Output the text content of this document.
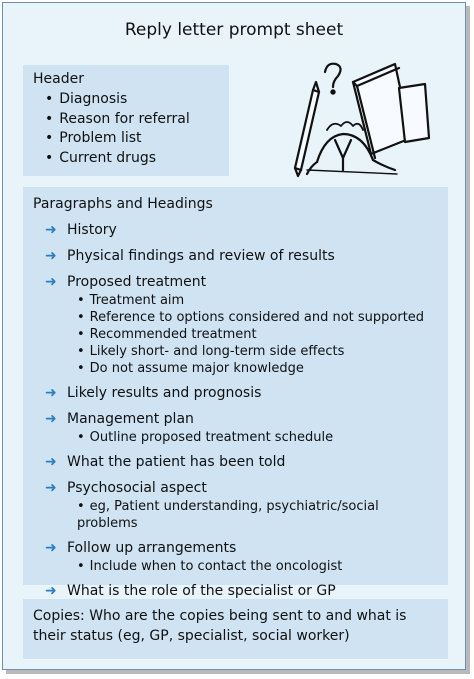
Reply letter prompt sheet
Header
• Diagnosis
• Reason for referral
• Problem list
• Current drugs
Paragraphs and Headings
➜ History
➜ Physical findings and review of results
➜ Proposed treatment
• Treatment aim
• Reference to options considered and not supported
• Recommended treatment
• Likely short- and long-term side effects
• Do not assume major knowledge
➜ Likely results and prognosis
➜ Management plan
• Outline proposed treatment schedule
➜ What the patient has been told
➜ Psychosocial aspect
• eg, Patient understanding, psychiatric/social problems
➜ Follow up arrangements
• Include when to contact the oncologist
➜ What is the role of the specialist or GP
Copies: Who are the copies being sent to and what is their status (eg, GP, specialist, social worker)
